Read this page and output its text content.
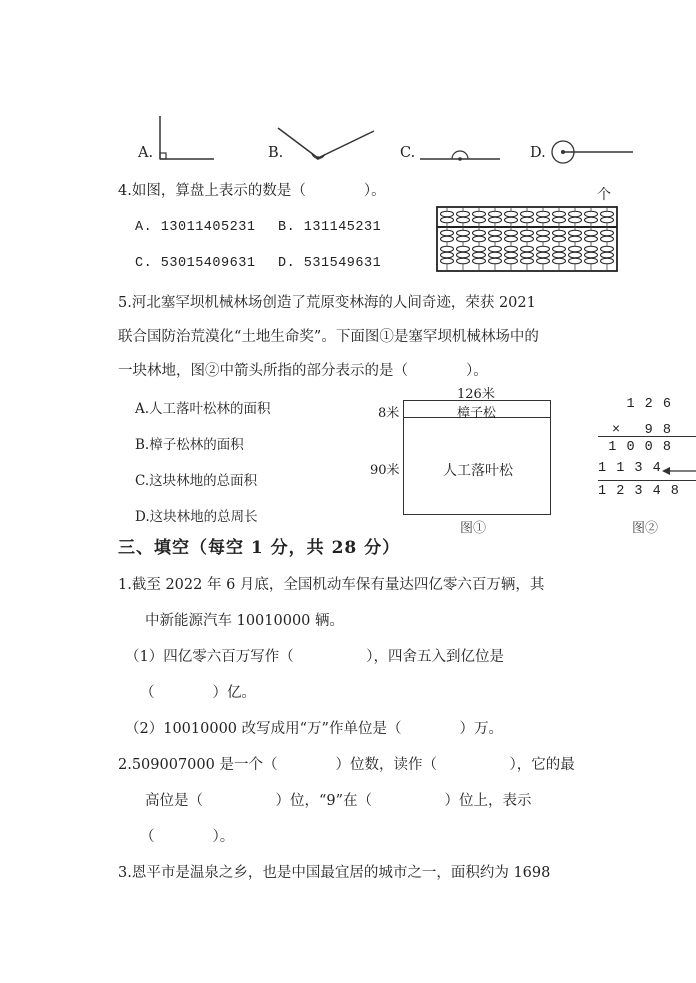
A.	B.	C.	D.
4.如图，算盘上表示的数是（　　　　）。
A. 13011405231 B. 131145231
C. 53015409631 D. 531549631
个
5.河北塞罕坝机械林场创造了荒原变林海的人间奇迹，荣获 2021
联合国防治荒漠化“土地生命奖”。下面图①是塞罕坝机械林场中的
一块林地，图②中箭头所指的部分表示的是（　　　　）。
A.人工落叶松林的面积
B.樟子松林的面积
C.这块林地的总面积
D.这块林地的总周长
126米
8米
90米
樟子松
人工落叶松
图①
1 2 6
× 　9 8
1 0 0 8
1 1 3 4
1 2 3 4 8
图②
三、填空（每空 1 分，共 28 分）
1.截至 2022 年 6 月底，全国机动车保有量达四亿零六百万辆，其
中新能源汽车 10010000 辆。
（1）四亿零六百万写作（　　　　　），四舍五入到亿位是
（　　　　）亿。
（2）10010000 改写成用“万”作单位是（　　　　）万。
2.509007000 是一个（　　　　）位数，读作（　　　　　），它的最
高位是（　　　　　）位，“9”在（　　　　　）位上，表示
（　　　　）。
3.恩平市是温泉之乡，也是中国最宜居的城市之一，面积约为 1698
